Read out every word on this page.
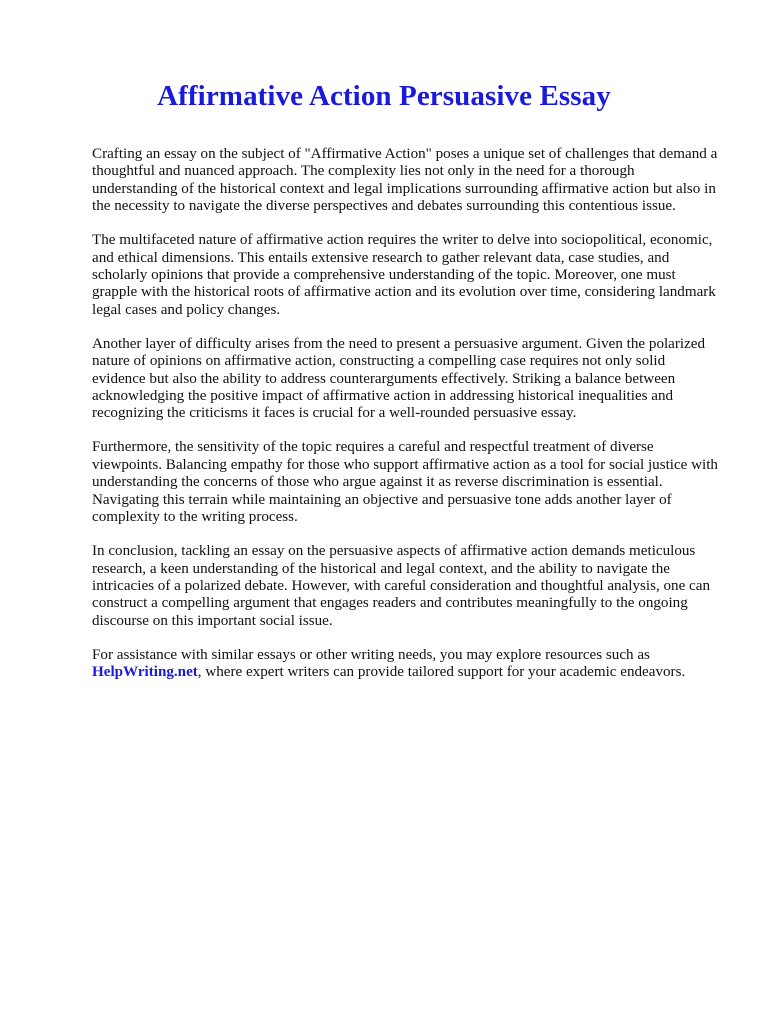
Affirmative Action Persuasive Essay

Crafting an essay on the subject of "Affirmative Action" poses a unique set of challenges that demand a thoughtful and nuanced approach. The complexity lies not only in the need for a thorough understanding of the historical context and legal implications surrounding affirmative action but also in the necessity to navigate the diverse perspectives and debates surrounding this contentious issue.

The multifaceted nature of affirmative action requires the writer to delve into sociopolitical, economic, and ethical dimensions. This entails extensive research to gather relevant data, case studies, and scholarly opinions that provide a comprehensive understanding of the topic. Moreover, one must grapple with the historical roots of affirmative action and its evolution over time, considering landmark legal cases and policy changes.

Another layer of difficulty arises from the need to present a persuasive argument. Given the polarized nature of opinions on affirmative action, constructing a compelling case requires not only solid evidence but also the ability to address counterarguments effectively. Striking a balance between acknowledging the positive impact of affirmative action in addressing historical inequalities and recognizing the criticisms it faces is crucial for a well-rounded persuasive essay.

Furthermore, the sensitivity of the topic requires a careful and respectful treatment of diverse viewpoints. Balancing empathy for those who support affirmative action as a tool for social justice with understanding the concerns of those who argue against it as reverse discrimination is essential. Navigating this terrain while maintaining an objective and persuasive tone adds another layer of complexity to the writing process.

In conclusion, tackling an essay on the persuasive aspects of affirmative action demands meticulous research, a keen understanding of the historical and legal context, and the ability to navigate the intricacies of a polarized debate. However, with careful consideration and thoughtful analysis, one can construct a compelling argument that engages readers and contributes meaningfully to the ongoing discourse on this important social issue.

For assistance with similar essays or other writing needs, you may explore resources such as HelpWriting.net, where expert writers can provide tailored support for your academic endeavors.
